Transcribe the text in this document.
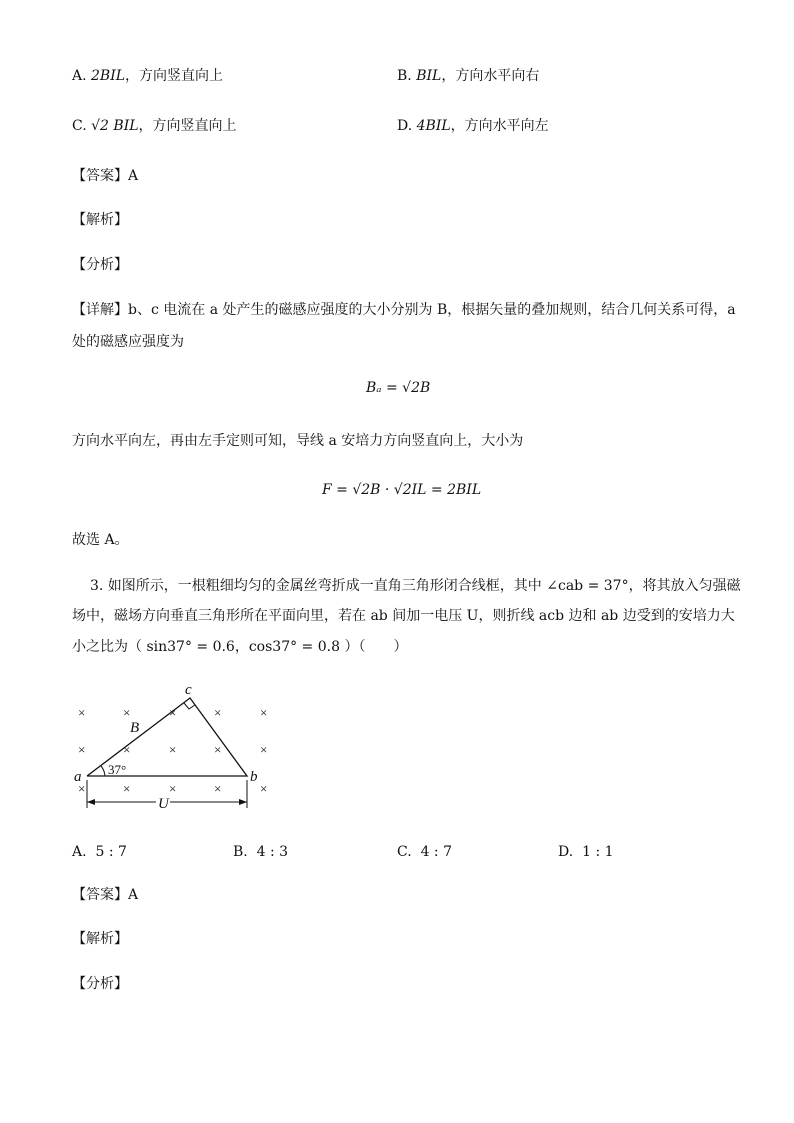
A. 2BIL，方向竖直向上	B. BIL，方向水平向右
C. √2 BIL，方向竖直向上	D. 4BIL，方向水平向左
【答案】A
【解析】
【分析】
【详解】b、c 电流在 a 处产生的磁感应强度的大小分别为 B，根据矢量的叠加规则，结合几何关系可得，a
处的磁感应强度为
Bₐ = √2B
方向水平向左，再由左手定则可知，导线 a 安培力方向竖直向上，大小为
F = √2B · √2IL = 2BIL
故选 A。
3. 如图所示，一根粗细均匀的金属丝弯折成一直角三角形闭合线框，其中 ∠cab = 37°，将其放入匀强磁
场中，磁场方向垂直三角形所在平面向里，若在 ab 间加一电压 U，则折线 acb 边和 ab 边受到的安培力大
小之比为（ sin37° = 0.6，cos37° = 0.8 ）（　　）
×	×	×	×	×
×	×	×	×	×
×	×	×	×	×
a	b
c
B
37°
U
A. 5 : 7	B. 4 : 3	C. 4 : 7	D. 1 : 1
【答案】A
【解析】
【分析】
